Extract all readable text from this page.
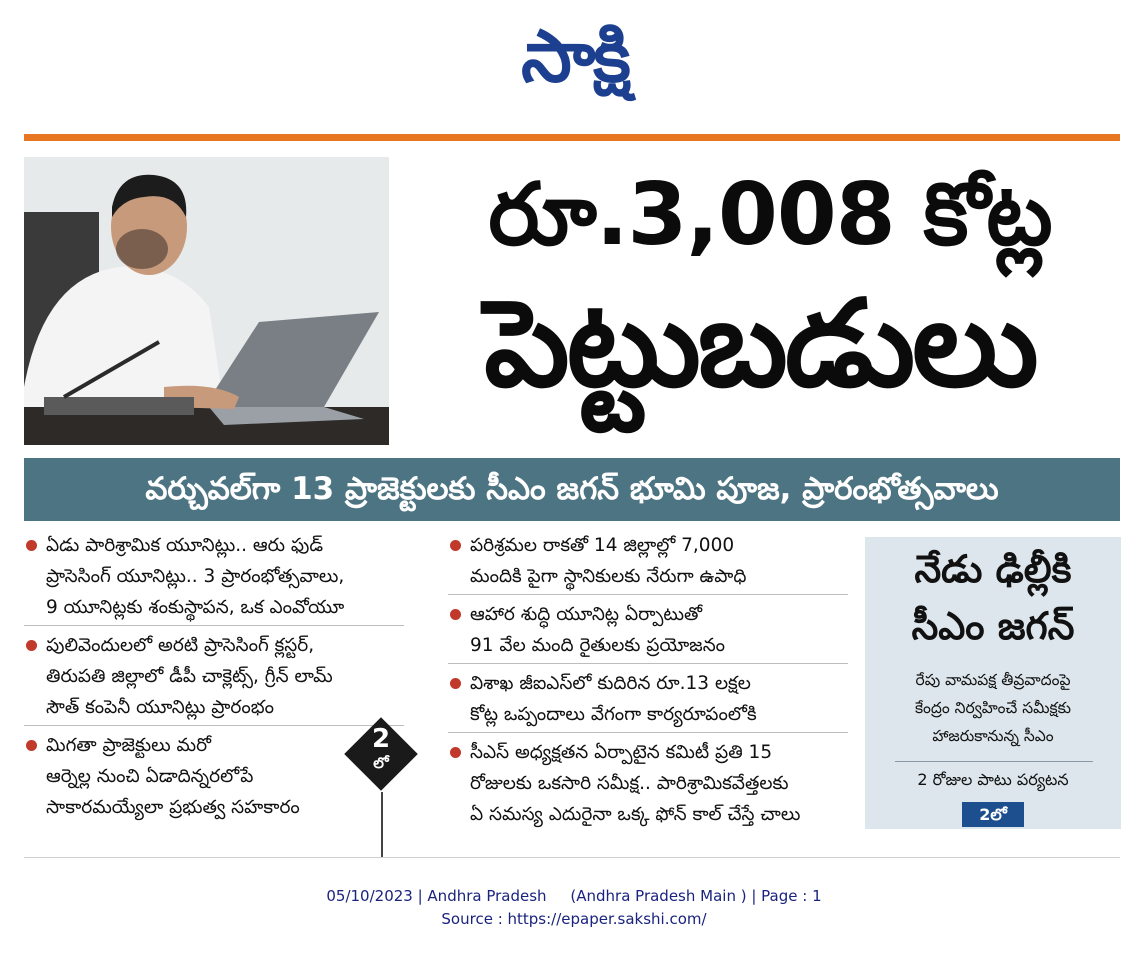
సాక్షి
రూ.3,008 కోట్ల
పెట్టుబడులు
వర్చువల్‌గా 13 ప్రాజెక్టులకు సీఎం జగన్‌ భూమి పూజ, ప్రారంభోత్సవాలు
ఏడు పారిశ్రామిక యూనిట్లు.. ఆరు ఫుడ్‌
ప్రాసెసింగ్‌ యూనిట్లు.. 3 ప్రారంభోత్సవాలు,
9 యూనిట్లకు శంకుస్థాపన, ఒక ఎంవోయూ
పులివెందులలో అరటి ప్రాసెసింగ్‌ క్లస్టర్‌,
తిరుపతి జిల్లాలో డీపీ చాక్లెట్స్‌, గ్రీన్‌ లామ్‌
సౌత్‌ కంపెనీ యూనిట్లు ప్రారంభం
మిగతా ప్రాజెక్టులు మరో
ఆర్నెల్ల నుంచి ఏడాదిన్నరలోపే
సాకారమయ్యేలా ప్రభుత్వ సహకారం
2
లో
పరిశ్రమల రాకతో 14 జిల్లాల్లో 7,000
మందికి పైగా స్థానికులకు నేరుగా ఉపాధి
ఆహార శుద్ధి యూనిట్ల ఏర్పాటుతో
91 వేల మంది రైతులకు ప్రయోజనం
విశాఖ జీఐఎస్‌లో కుదిరిన రూ.13 లక్షల
కోట్ల ఒప్పందాలు వేగంగా కార్యరూపంలోకి
సీఎస్‌ అధ్యక్షతన ఏర్పాటైన కమిటీ ప్రతి 15
రోజులకు ఒకసారి సమీక్ష.. పారిశ్రామికవేత్తలకు
ఏ సమస్య ఎదురైనా ఒక్క ఫోన్‌ కాల్‌ చేస్తే చాలు
నేడు ఢిల్లీకి
సీఎం జగన్‌
రేపు వామపక్ష తీవ్రవాదంపై
కేంద్రం నిర్వహించే సమీక్షకు
హాజరుకానున్న సీఎం
2 రోజుల పాటు పర్యటన
2లో
05/10/2023 | Andhra Pradesh     (Andhra Pradesh Main ) | Page : 1
Source : https://epaper.sakshi.com/
